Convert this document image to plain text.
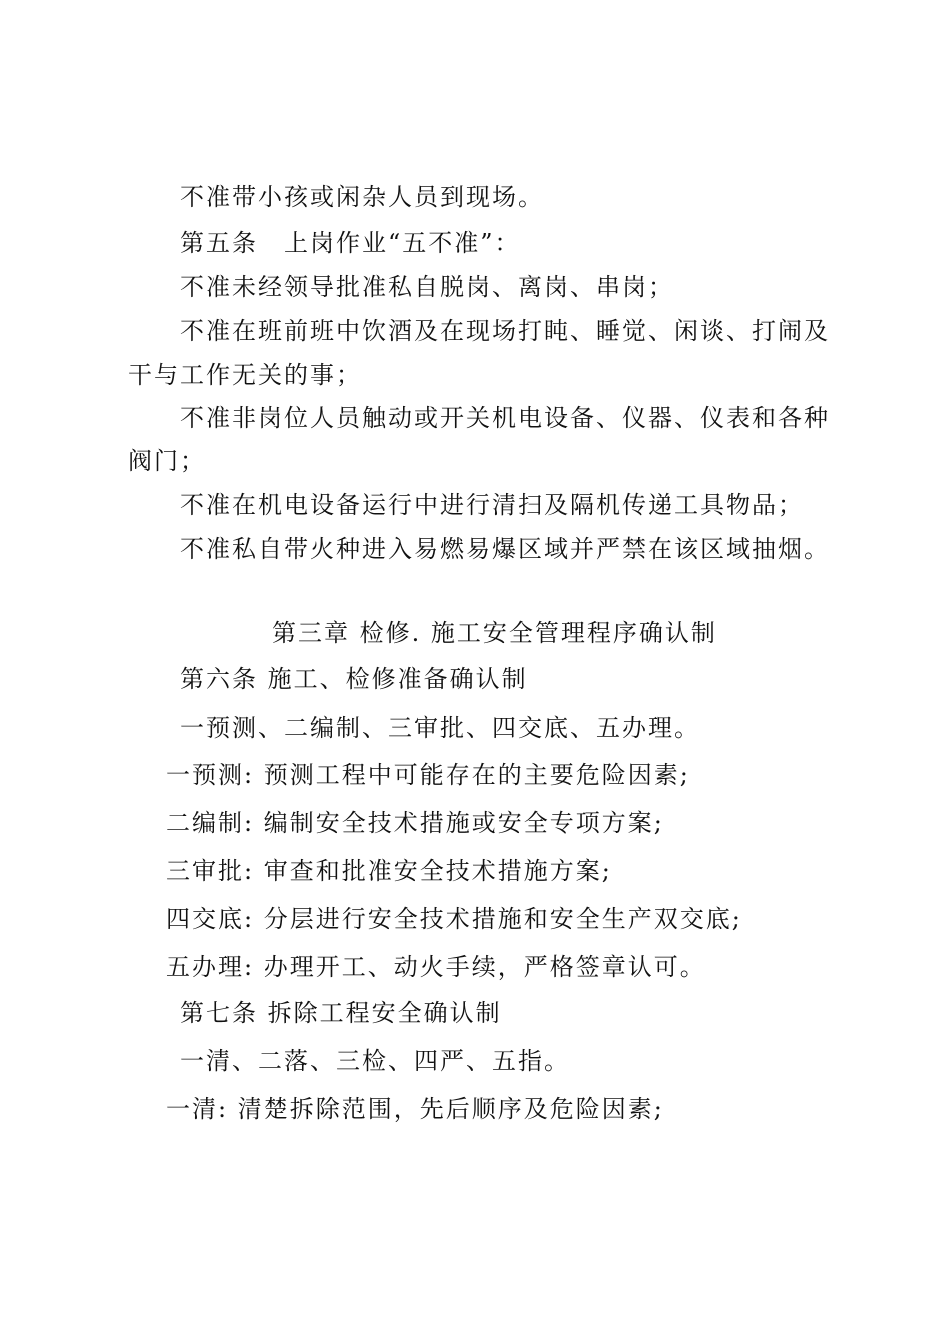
不准带小孩或闲杂人员到现场。
第五条　上岗作业“五不准”：
不准未经领导批准私自脱岗、离岗、串岗；
不准在班前班中饮酒及在现场打盹、睡觉、闲谈、打闹及
干与工作无关的事；
不准非岗位人员触动或开关机电设备、仪器、仪表和各种
阀门；
不准在机电设备运行中进行清扫及隔机传递工具物品；
不准私自带火种进入易燃易爆区域并严禁在该区域抽烟。
第三章 检修. 施工安全管理程序确认制
第六条 施工、检修准备确认制
一预测、二编制、三审批、四交底、五办理。
一预测: 预测工程中可能存在的主要危险因素;
二编制: 编制安全技术措施或安全专项方案;
三审批: 审查和批准安全技术措施方案;
四交底: 分层进行安全技术措施和安全生产双交底;
五办理: 办理开工、动火手续，严格签章认可。
第七条 拆除工程安全确认制
一清、二落、三检、四严、五指。
一清: 清楚拆除范围，先后顺序及危险因素;
